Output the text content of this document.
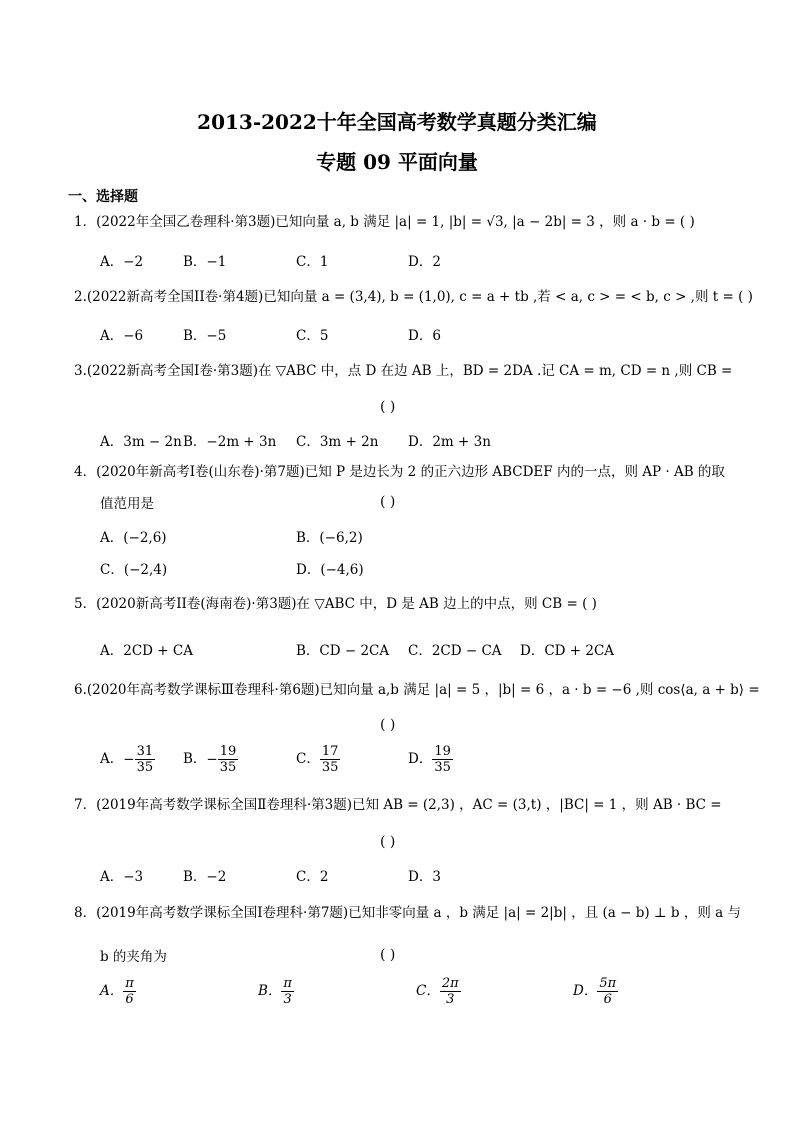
2013-2022十年全国高考数学真题分类汇编
专题 09 平面向量
一、选择题
1．(2022年全国乙卷理科·第3题)已知向量 a, b 满足 |a| = 1, |b| = √3, |a − 2b| = 3 ，则 a · b = ( )
A．−2	B．−1	C．1	D．2
2.(2022新高考全国II卷·第4题)已知向量 a = (3,4), b = (1,0), c = a + tb ,若 < a, c > = < b, c > ,则 t = ( )
A．−6	B．−5	C．5	D．6
3.(2022新高考全国I卷·第3题)在 ▽ABC 中，点 D 在边 AB 上，BD = 2DA .记 CA = m, CD = n ,则 CB =
( )
A．3m − 2n B．−2m + 3n C．3m + 2n D．2m + 3n
4．(2020年新高考I卷(山东卷)·第7题)已知 P 是边长为 2 的正六边形 ABCDEF 内的一点，则 AP · AB 的取
值范用是	( )
A．(−2,6)	B．(−6,2)
C．(−2,4)	D．(−4,6)
5．(2020新高考II卷(海南卷)·第3题)在 ▽ABC 中，D 是 AB 边上的中点，则 CB = ( )
A．2CD + CA	B．CD − 2CA C．2CD − CA D．CD + 2CA
6.(2020年高考数学课标Ⅲ卷理科·第6题)已知向量 a,b 满足 |a| = 5 ，|b| = 6 ，a · b = −6 ,则 cos⟨a, a + b⟩ =
( )
A．− $\frac{31}{35}$ B．− $\frac{19}{35}$	C． $\frac{17}{35}$	D． $\frac{19}{35}$
7．(2019年高考数学课标全国Ⅱ卷理科·第3题)已知 AB = (2,3) ，AC = (3,t) ，|BC| = 1 ，则 AB · BC =
( )
A．−3	B．−2	C．2	D．3
8．(2019年高考数学课标全国I卷理科·第7题)已知非零向量 a ，b 满足 |a| = 2|b| ，且 (a − b) ⊥ b ，则 a 与
b 的夹角为	( )
A． $\frac{\pi}{6}$	B． $\frac{\pi}{3}$	C． $\frac{2\pi}{3}$	D． $\frac{5\pi}{6}$
